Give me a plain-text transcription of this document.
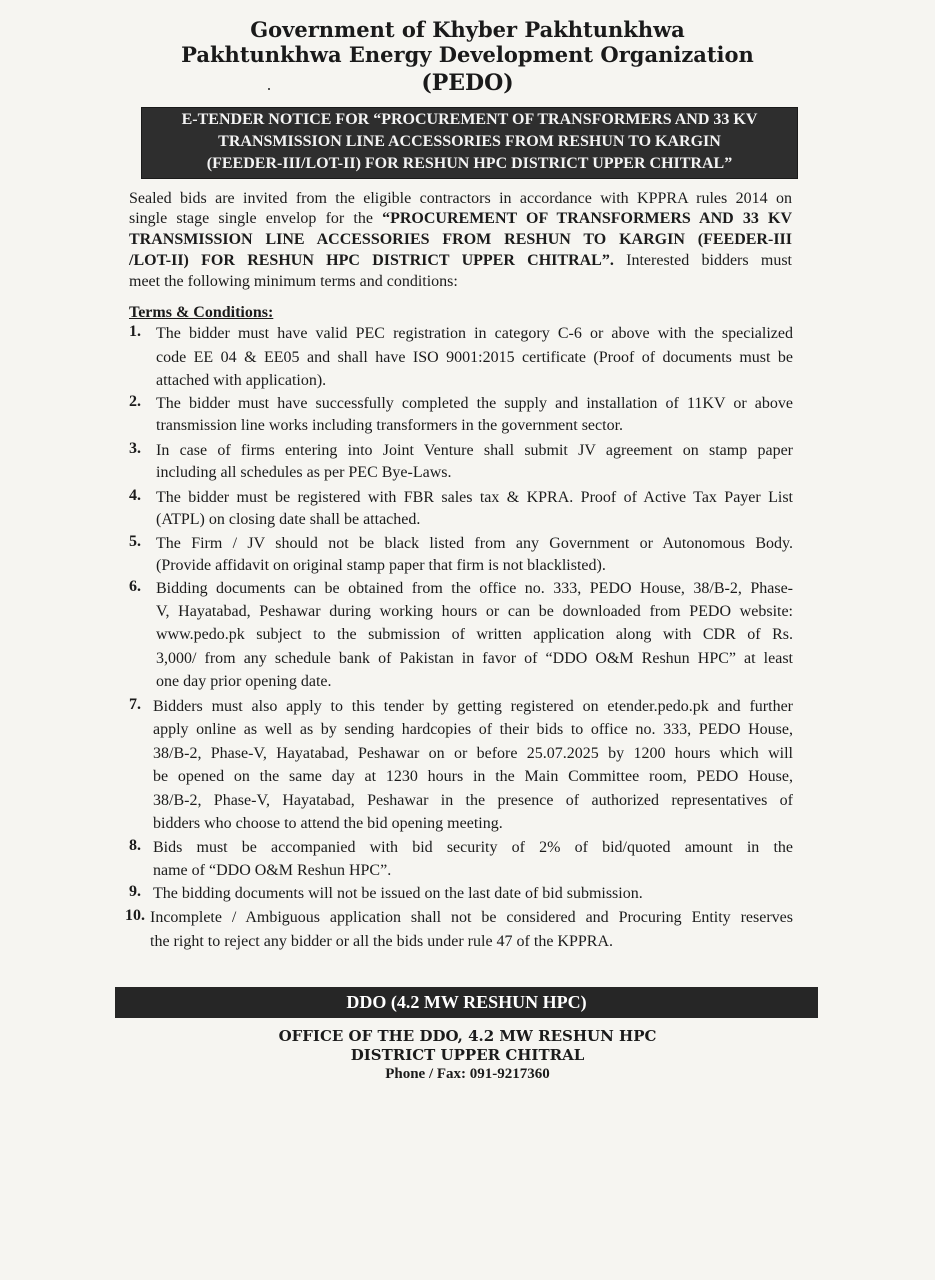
Government of Khyber Pakhtunkhwa
Pakhtunkhwa Energy Development Organization
(PEDO)
E-TENDER NOTICE FOR “PROCUREMENT OF TRANSFORMERS AND 33 KV
TRANSMISSION LINE ACCESSORIES FROM RESHUN TO KARGIN
(FEEDER-III/LOT-II) FOR RESHUN HPC DISTRICT UPPER CHITRAL”
Sealed bids are invited from the eligible contractors in accordance with KPPRA rules 2014 on
single stage single envelop for the “PROCUREMENT OF TRANSFORMERS AND 33 KV
TRANSMISSION LINE ACCESSORIES FROM RESHUN TO KARGIN (FEEDER-III
/LOT-II) FOR RESHUN HPC DISTRICT UPPER CHITRAL”. Interested bidders must
meet the following minimum terms and conditions:
Terms & Conditions:
1. The bidder must have valid PEC registration in category C-6 or above with the specialized
code EE 04 & EE05 and shall have ISO 9001:2015 certificate (Proof of documents must be
attached with application).
2. The bidder must have successfully completed the supply and installation of 11KV or above
transmission line works including transformers in the government sector.
3. In case of firms entering into Joint Venture shall submit JV agreement on stamp paper
including all schedules as per PEC Bye-Laws.
4. The bidder must be registered with FBR sales tax & KPRA. Proof of Active Tax Payer List
(ATPL) on closing date shall be attached.
5. The Firm / JV should not be black listed from any Government or Autonomous Body.
(Provide affidavit on original stamp paper that firm is not blacklisted).
6. Bidding documents can be obtained from the office no. 333, PEDO House, 38/B-2, Phase-
V, Hayatabad, Peshawar during working hours or can be downloaded from PEDO website:
www.pedo.pk subject to the submission of written application along with CDR of Rs.
3,000/ from any schedule bank of Pakistan in favor of “DDO O&M Reshun HPC” at least
one day prior opening date.
7. Bidders must also apply to this tender by getting registered on etender.pedo.pk and further
apply online as well as by sending hardcopies of their bids to office no. 333, PEDO House,
38/B-2, Phase-V, Hayatabad, Peshawar on or before 25.07.2025 by 1200 hours which will
be opened on the same day at 1230 hours in the Main Committee room, PEDO House,
38/B-2, Phase-V, Hayatabad, Peshawar in the presence of authorized representatives of
bidders who choose to attend the bid opening meeting.
8. Bids must be accompanied with bid security of 2% of bid/quoted amount in the
name of “DDO O&M Reshun HPC”.
9. The bidding documents will not be issued on the last date of bid submission.
10. Incomplete / Ambiguous application shall not be considered and Procuring Entity reserves
the right to reject any bidder or all the bids under rule 47 of the KPPRA.
DDO (4.2 MW RESHUN HPC)
OFFICE OF THE DDO, 4.2 MW RESHUN HPC
DISTRICT UPPER CHITRAL
Phone / Fax: 091-9217360
